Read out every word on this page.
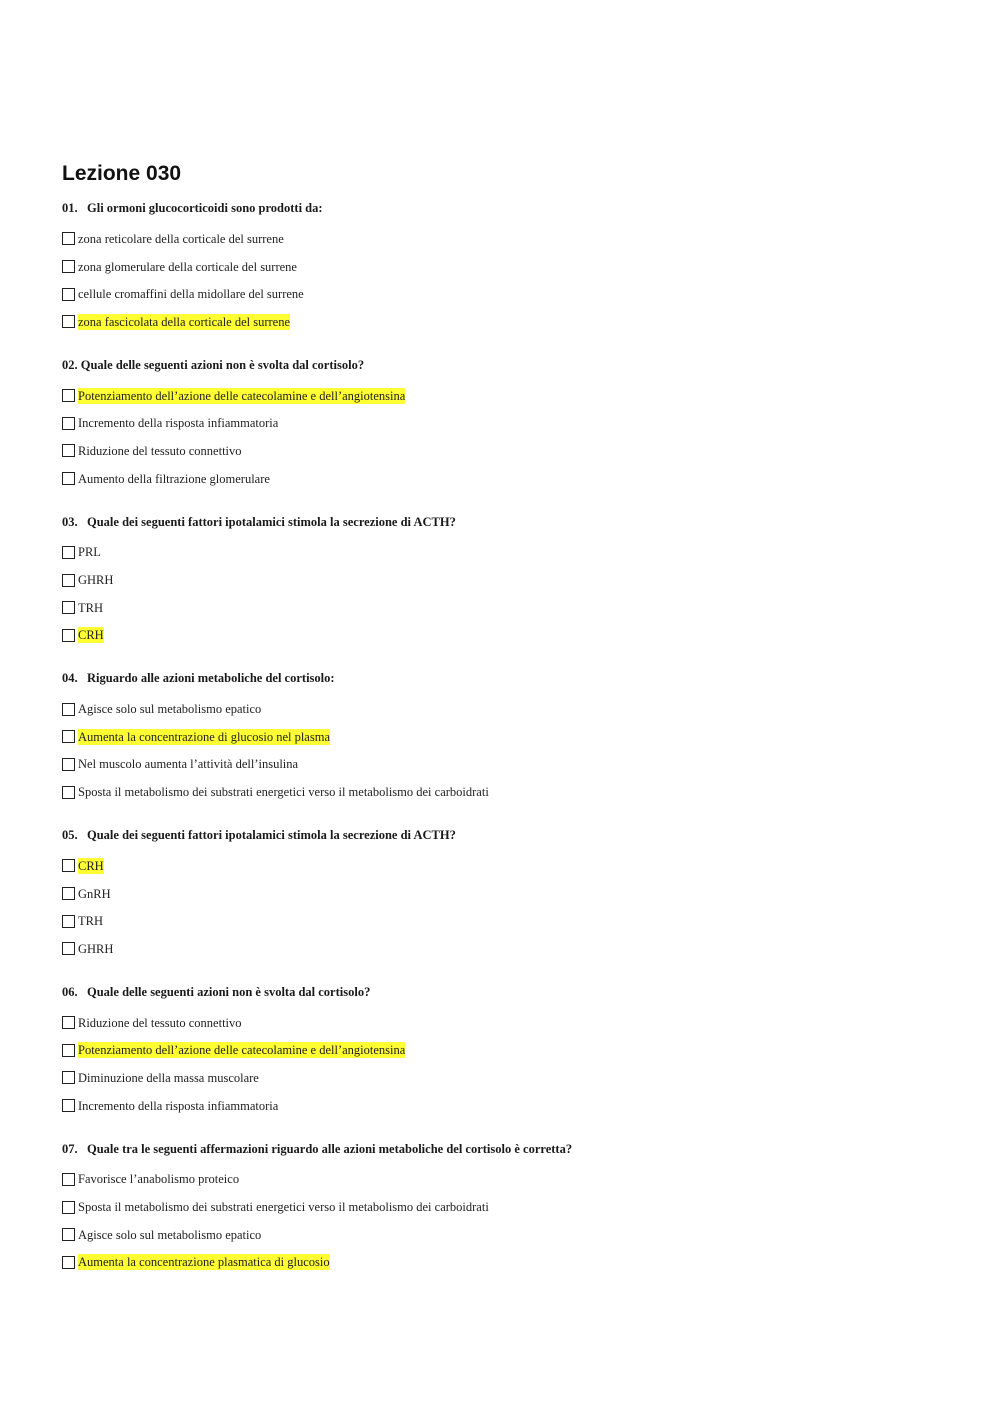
Lezione 030
01.   Gli ormoni glucocorticoidi sono prodotti da:
zona reticolare della corticale del surrene
zona glomerulare della corticale del surrene
cellule cromaffini della midollare del surrene
zona fascicolata della corticale del surrene
02. Quale delle seguenti azioni non è svolta dal cortisolo?
Potenziamento dell’azione delle catecolamine e dell’angiotensina
Incremento della risposta infiammatoria
Riduzione del tessuto connettivo
Aumento della filtrazione glomerulare
03.   Quale dei seguenti fattori ipotalamici stimola la secrezione di ACTH?
PRL
GHRH
TRH
CRH
04.   Riguardo alle azioni metaboliche del cortisolo:
Agisce solo sul metabolismo epatico
Aumenta la concentrazione di glucosio nel plasma
Nel muscolo aumenta l’attività dell’insulina
Sposta il metabolismo dei substrati energetici verso il metabolismo dei carboidrati
05.   Quale dei seguenti fattori ipotalamici stimola la secrezione di ACTH?
CRH
GnRH
TRH
GHRH
06.   Quale delle seguenti azioni non è svolta dal cortisolo?
Riduzione del tessuto connettivo
Potenziamento dell’azione delle catecolamine e dell’angiotensina
Diminuzione della massa muscolare
Incremento della risposta infiammatoria
07.   Quale tra le seguenti affermazioni riguardo alle azioni metaboliche del cortisolo è corretta?
Favorisce l’anabolismo proteico
Sposta il metabolismo dei substrati energetici verso il metabolismo dei carboidrati
Agisce solo sul metabolismo epatico
Aumenta la concentrazione plasmatica di glucosio
